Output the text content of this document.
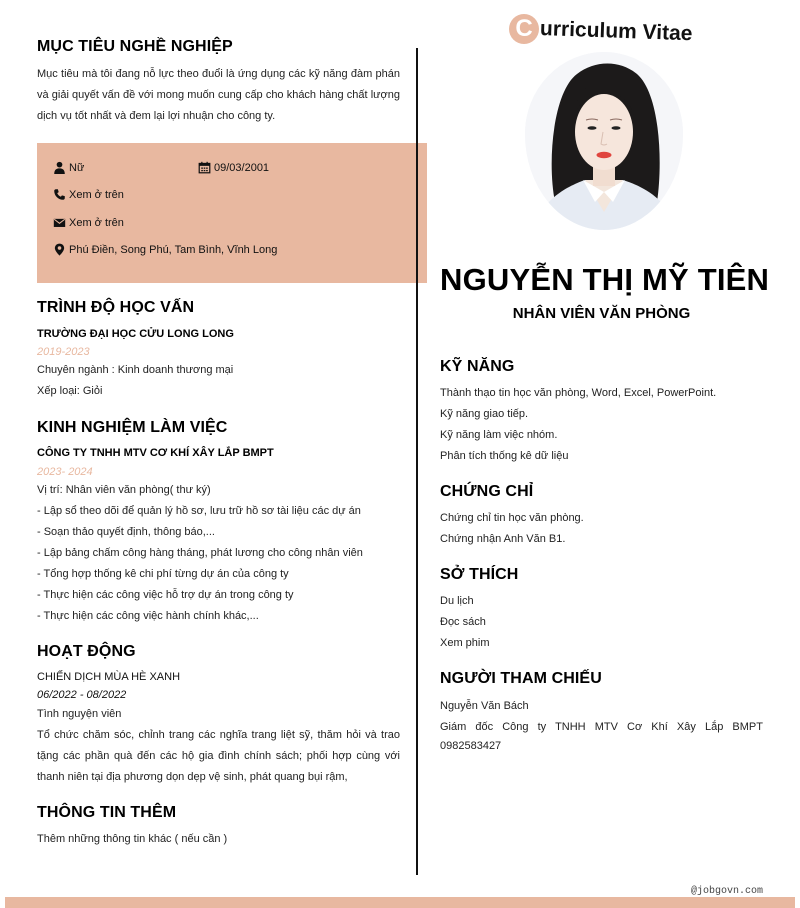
MỤC TIÊU NGHỀ NGHIỆP

Mục tiêu mà tôi đang nỗ lực theo đuổi là ứng dụng các kỹ năng đàm phán và giải quyết vấn đề với mong muốn cung cấp cho khách hàng chất lượng dịch vụ tốt nhất và đem lại lợi nhuận cho công ty.

TRÌNH ĐỘ HỌC VẤN
TRƯỜNG ĐẠI HỌC CỬU LONG LONG
2019-2023
Chuyên ngành : Kinh doanh thương mại
Xếp loại: Giỏi
KINH NGHIỆM LÀM VIỆC
CÔNG TY TNHH MTV CƠ KHÍ XÂY LẮP BMPT
2023- 2024
Vị trí: Nhân viên văn phòng( thư ký)
- Lập sổ theo dõi để quản lý hồ sơ, lưu trữ hồ sơ tài liệu các dự án
- Soạn thảo quyết định, thông báo,...
- Lập bảng chấm công hàng tháng, phát lương cho công nhân viên
- Tổng hợp thống kê chi phí từng dự án của công ty
- Thực hiện các công việc hỗ trợ dự án trong công ty
- Thực hiện các công việc hành chính khác,...
HOẠT ĐỘNG
CHIẾN DỊCH MÙA HÈ XANH
06/2022 - 08/2022
Tình nguyện viên

Tổ chức chăm sóc, chỉnh trang các nghĩa trang liệt sỹ, thăm hỏi và trao tặng các phần quà đến các hộ gia đình chính sách; phối hợp cùng với thanh niên tại địa phương dọn dẹp vệ sinh, phát quang bụi rậm,

THÔNG TIN THÊM
Thêm những thông tin khác ( nếu cần )
Nữ	09/03/2001
Xem ở trên
Xem ở trên
Phú Điền, Song Phú, Tam Bình, Vĩnh Long
C urriculum Vitae
NGUYỄN THỊ MỸ TIÊN
NHÂN VIÊN VĂN PHÒNG
KỸ NĂNG
Thành thạo tin học văn phòng, Word, Excel, PowerPoint.
Kỹ năng giao tiếp.
Kỹ năng làm việc nhóm.
Phân tích thống kê dữ liệu
CHỨNG CHỈ
Chứng chỉ tin học văn phòng.
Chứng nhận Anh Văn B1.
SỞ THÍCH
Du lịch
Đọc sách
Xem phim
NGƯỜI THAM CHIẾU
Nguyễn Văn Bách
Giám đốc Công ty TNHH MTV Cơ Khí Xây Lắp BMPT
0982583427
@jobgovn.com
